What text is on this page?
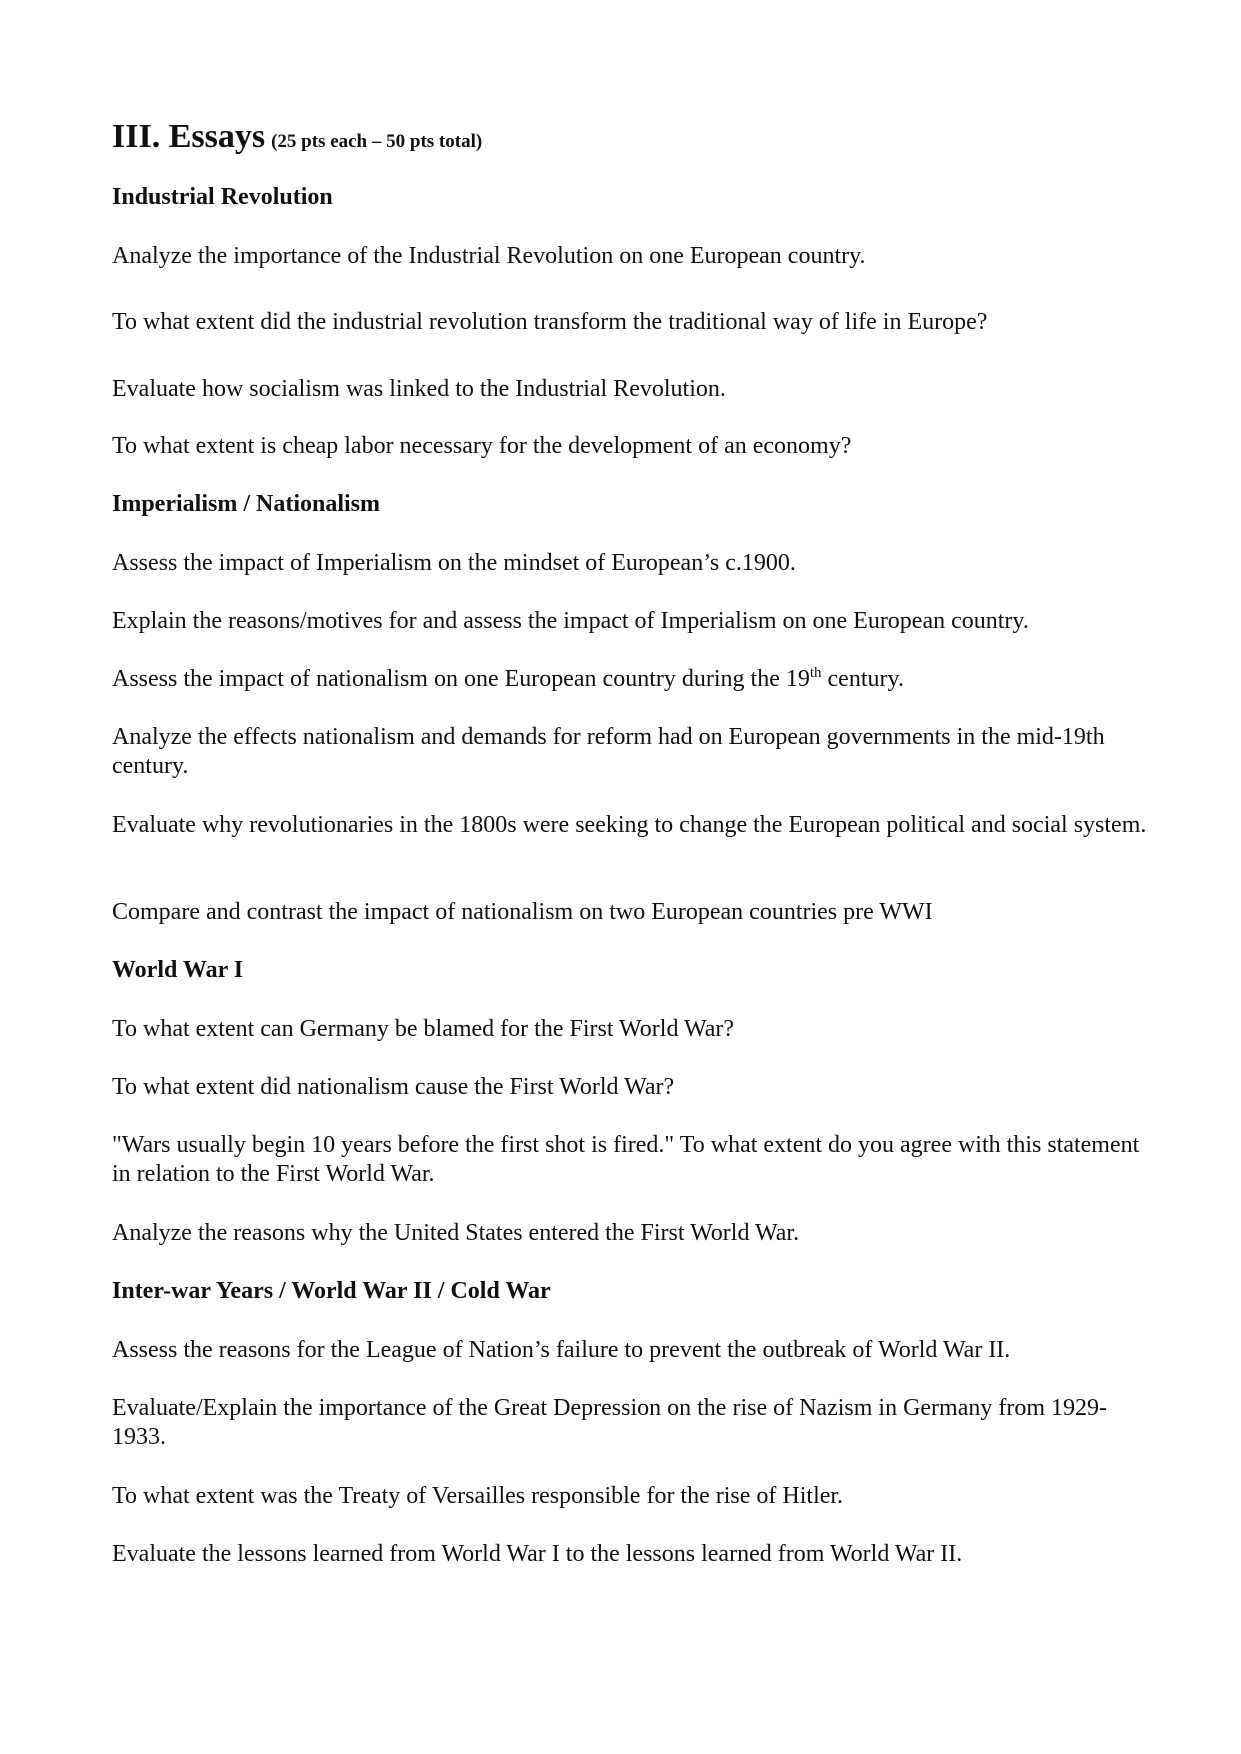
III. Essays (25 pts each – 50 pts total)
Industrial Revolution
Analyze the importance of the Industrial Revolution on one European country.
To what extent did the industrial revolution transform the traditional way of life in Europe?
Evaluate how socialism was linked to the Industrial Revolution.
To what extent is cheap labor necessary for the development of an economy?
Imperialism / Nationalism
Assess the impact of Imperialism on the mindset of European’s c.1900.
Explain the reasons/motives for and assess the impact of Imperialism on one European country.
Assess the impact of nationalism on one European country during the 19th century.
Analyze the effects nationalism and demands for reform had on European governments in the mid-19th century.
Evaluate why revolutionaries in the 1800s were seeking to change the European political and social system.
Compare and contrast the impact of nationalism on two European countries pre WWI
World War I
To what extent can Germany be blamed for the First World War?
To what extent did nationalism cause the First World War?
"Wars usually begin 10 years before the first shot is fired." To what extent do you agree with this statement in relation to the First World War.
Analyze the reasons why the United States entered the First World War.
Inter-war Years / World War II / Cold War
Assess the reasons for the League of Nation’s failure to prevent the outbreak of World War II.
Evaluate/Explain the importance of the Great Depression on the rise of Nazism in Germany from 1929-1933.
To what extent was the Treaty of Versailles responsible for the rise of Hitler.
Evaluate the lessons learned from World War I to the lessons learned from World War II.
